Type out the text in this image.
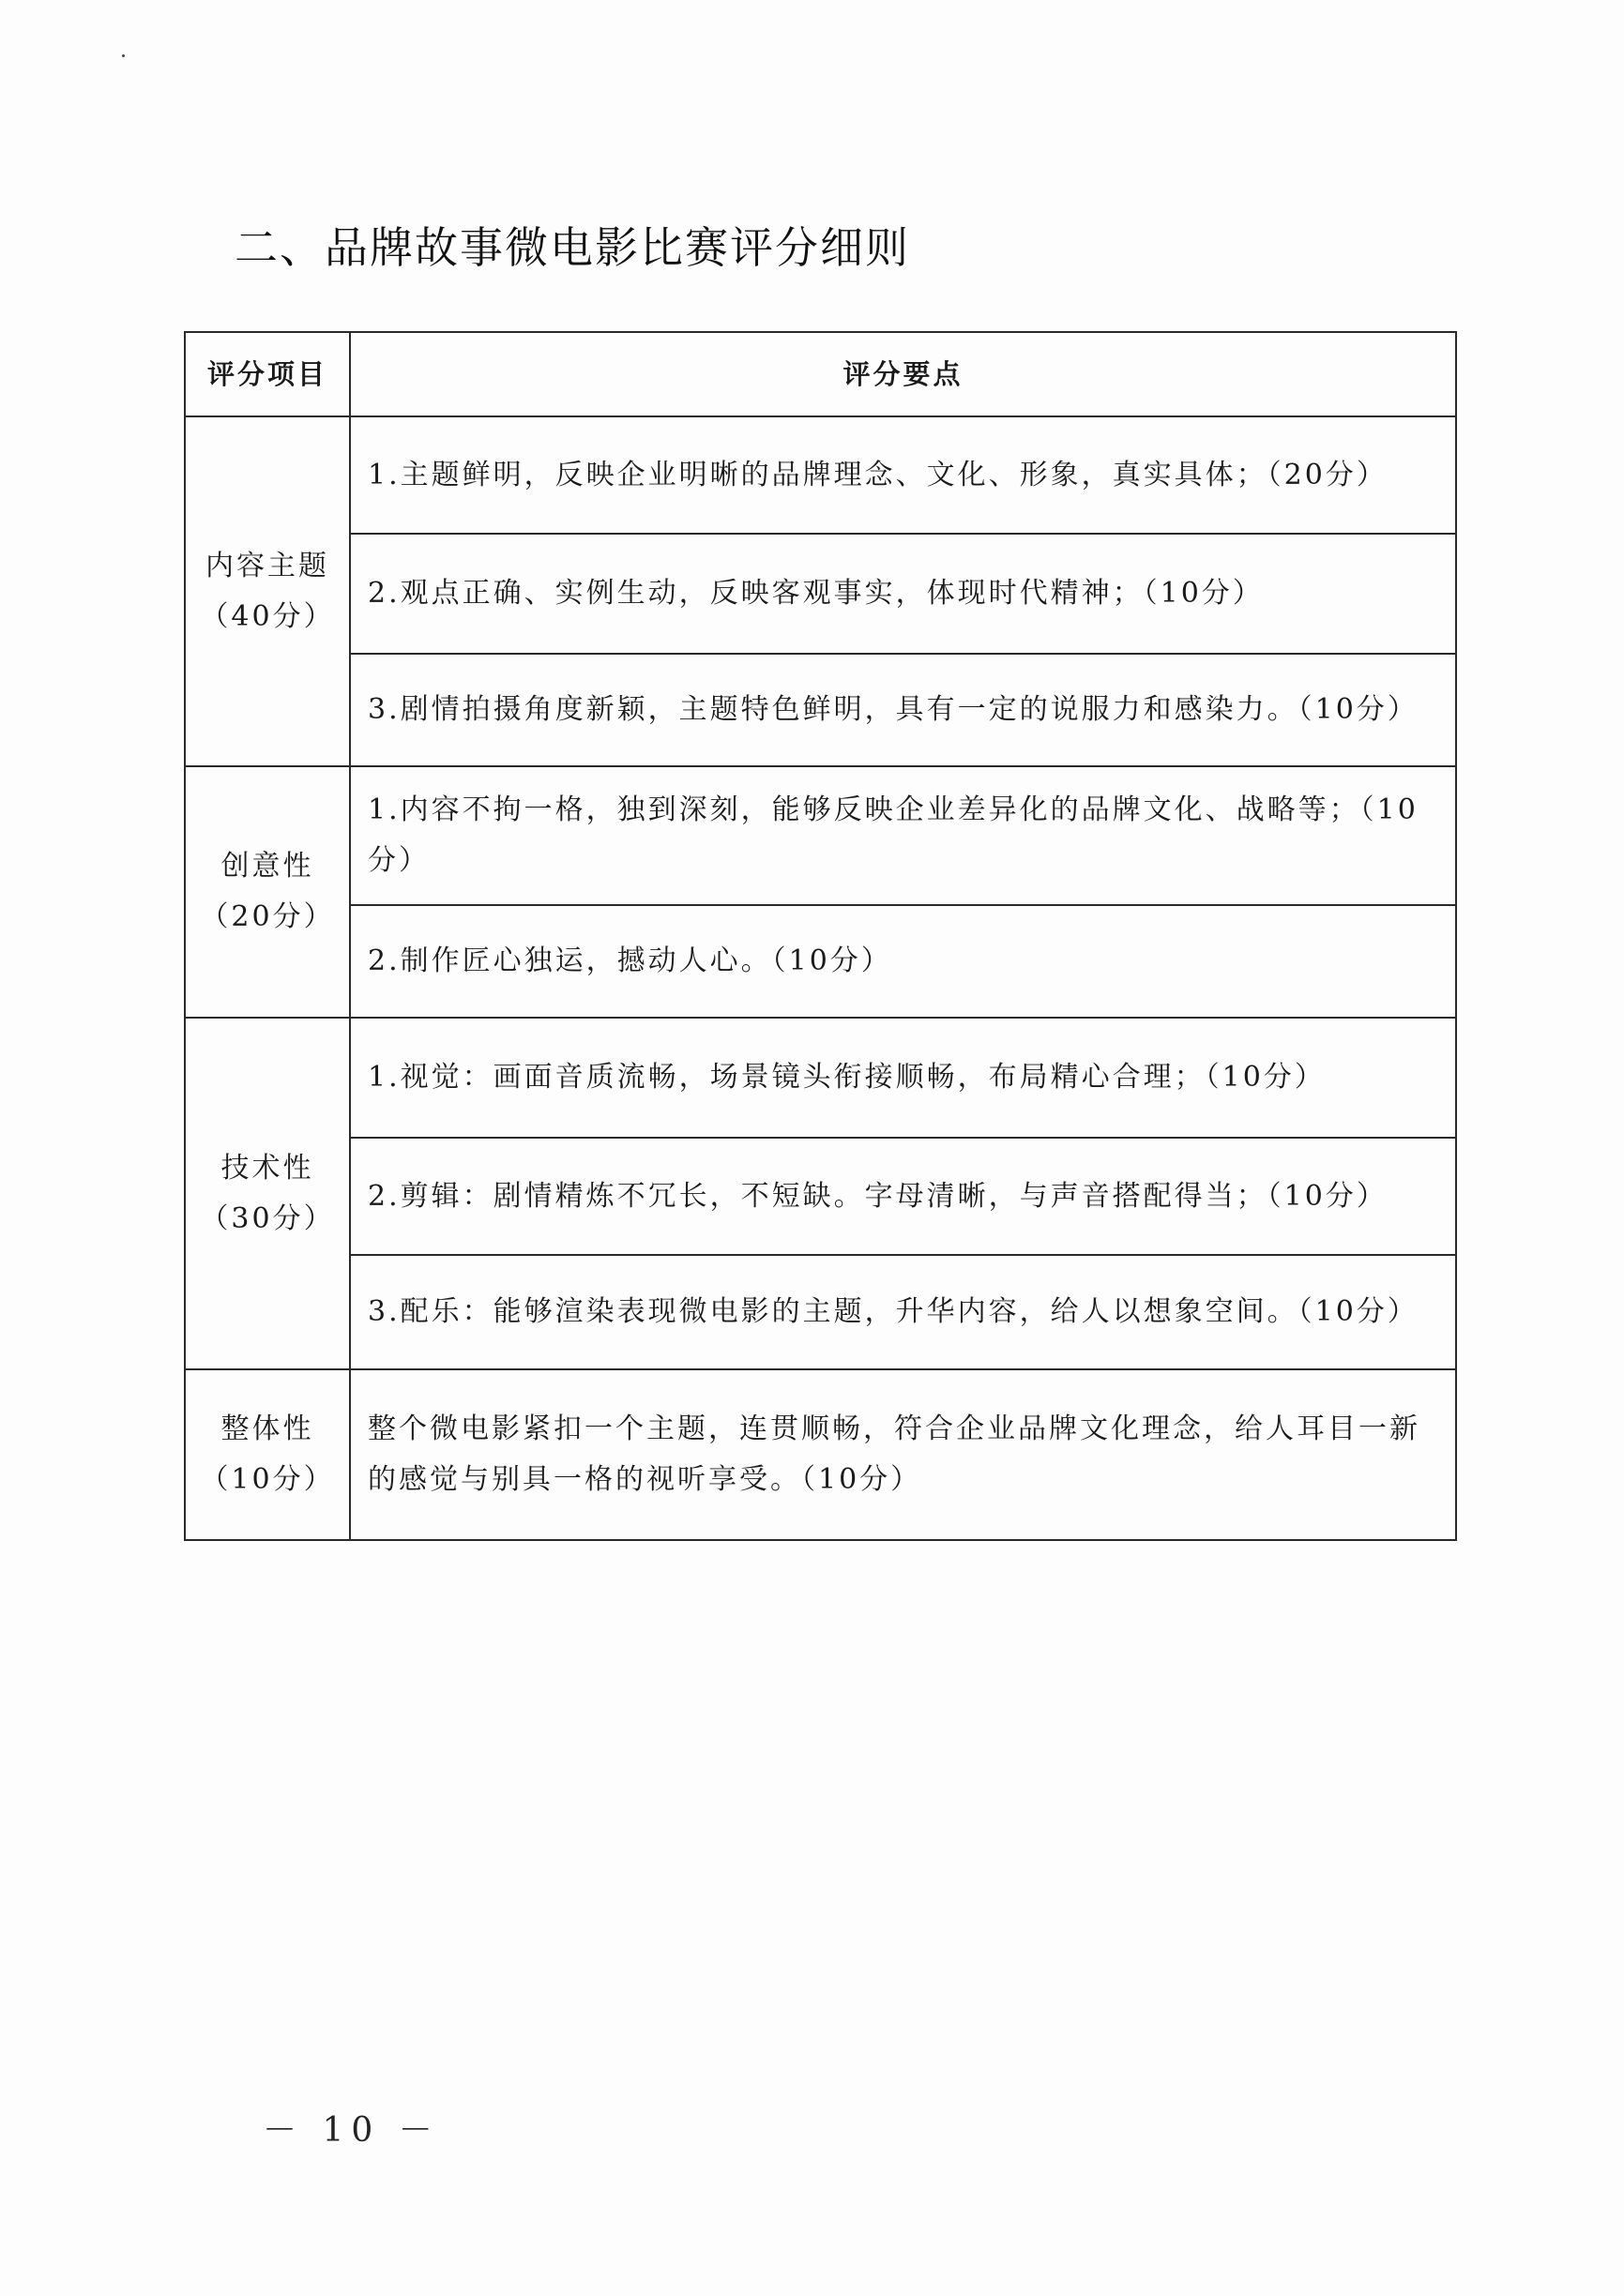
二、品牌故事微电影比赛评分细则
评分项目	评分要点

内容主题
（40分）	1.主题鲜明，反映企业明晰的品牌理念、文化、形象，真实具体；（20分）
	2.观点正确、实例生动，反映客观事实，体现时代精神；（10分）
	3.剧情拍摄角度新颖，主题特色鲜明，具有一定的说服力和感染力。（10分）

创意性
（20分）	1.内容不拘一格，独到深刻，能够反映企业差异化的品牌文化、战略等；（10分）
	2.制作匠心独运，撼动人心。（10分）

技术性
（30分）	1.视觉：画面音质流畅，场景镜头衔接顺畅，布局精心合理；（10分）
	2.剪辑：剧情精炼不冗长，不短缺。字母清晰，与声音搭配得当；（10分）
	3.配乐：能够渲染表现微电影的主题，升华内容，给人以想象空间。（10分）

整体性
（10分）	整个微电影紧扣一个主题，连贯顺畅，符合企业品牌文化理念，给人耳目一新的感觉与别具一格的视听享受。（10分）
－ 10 －
